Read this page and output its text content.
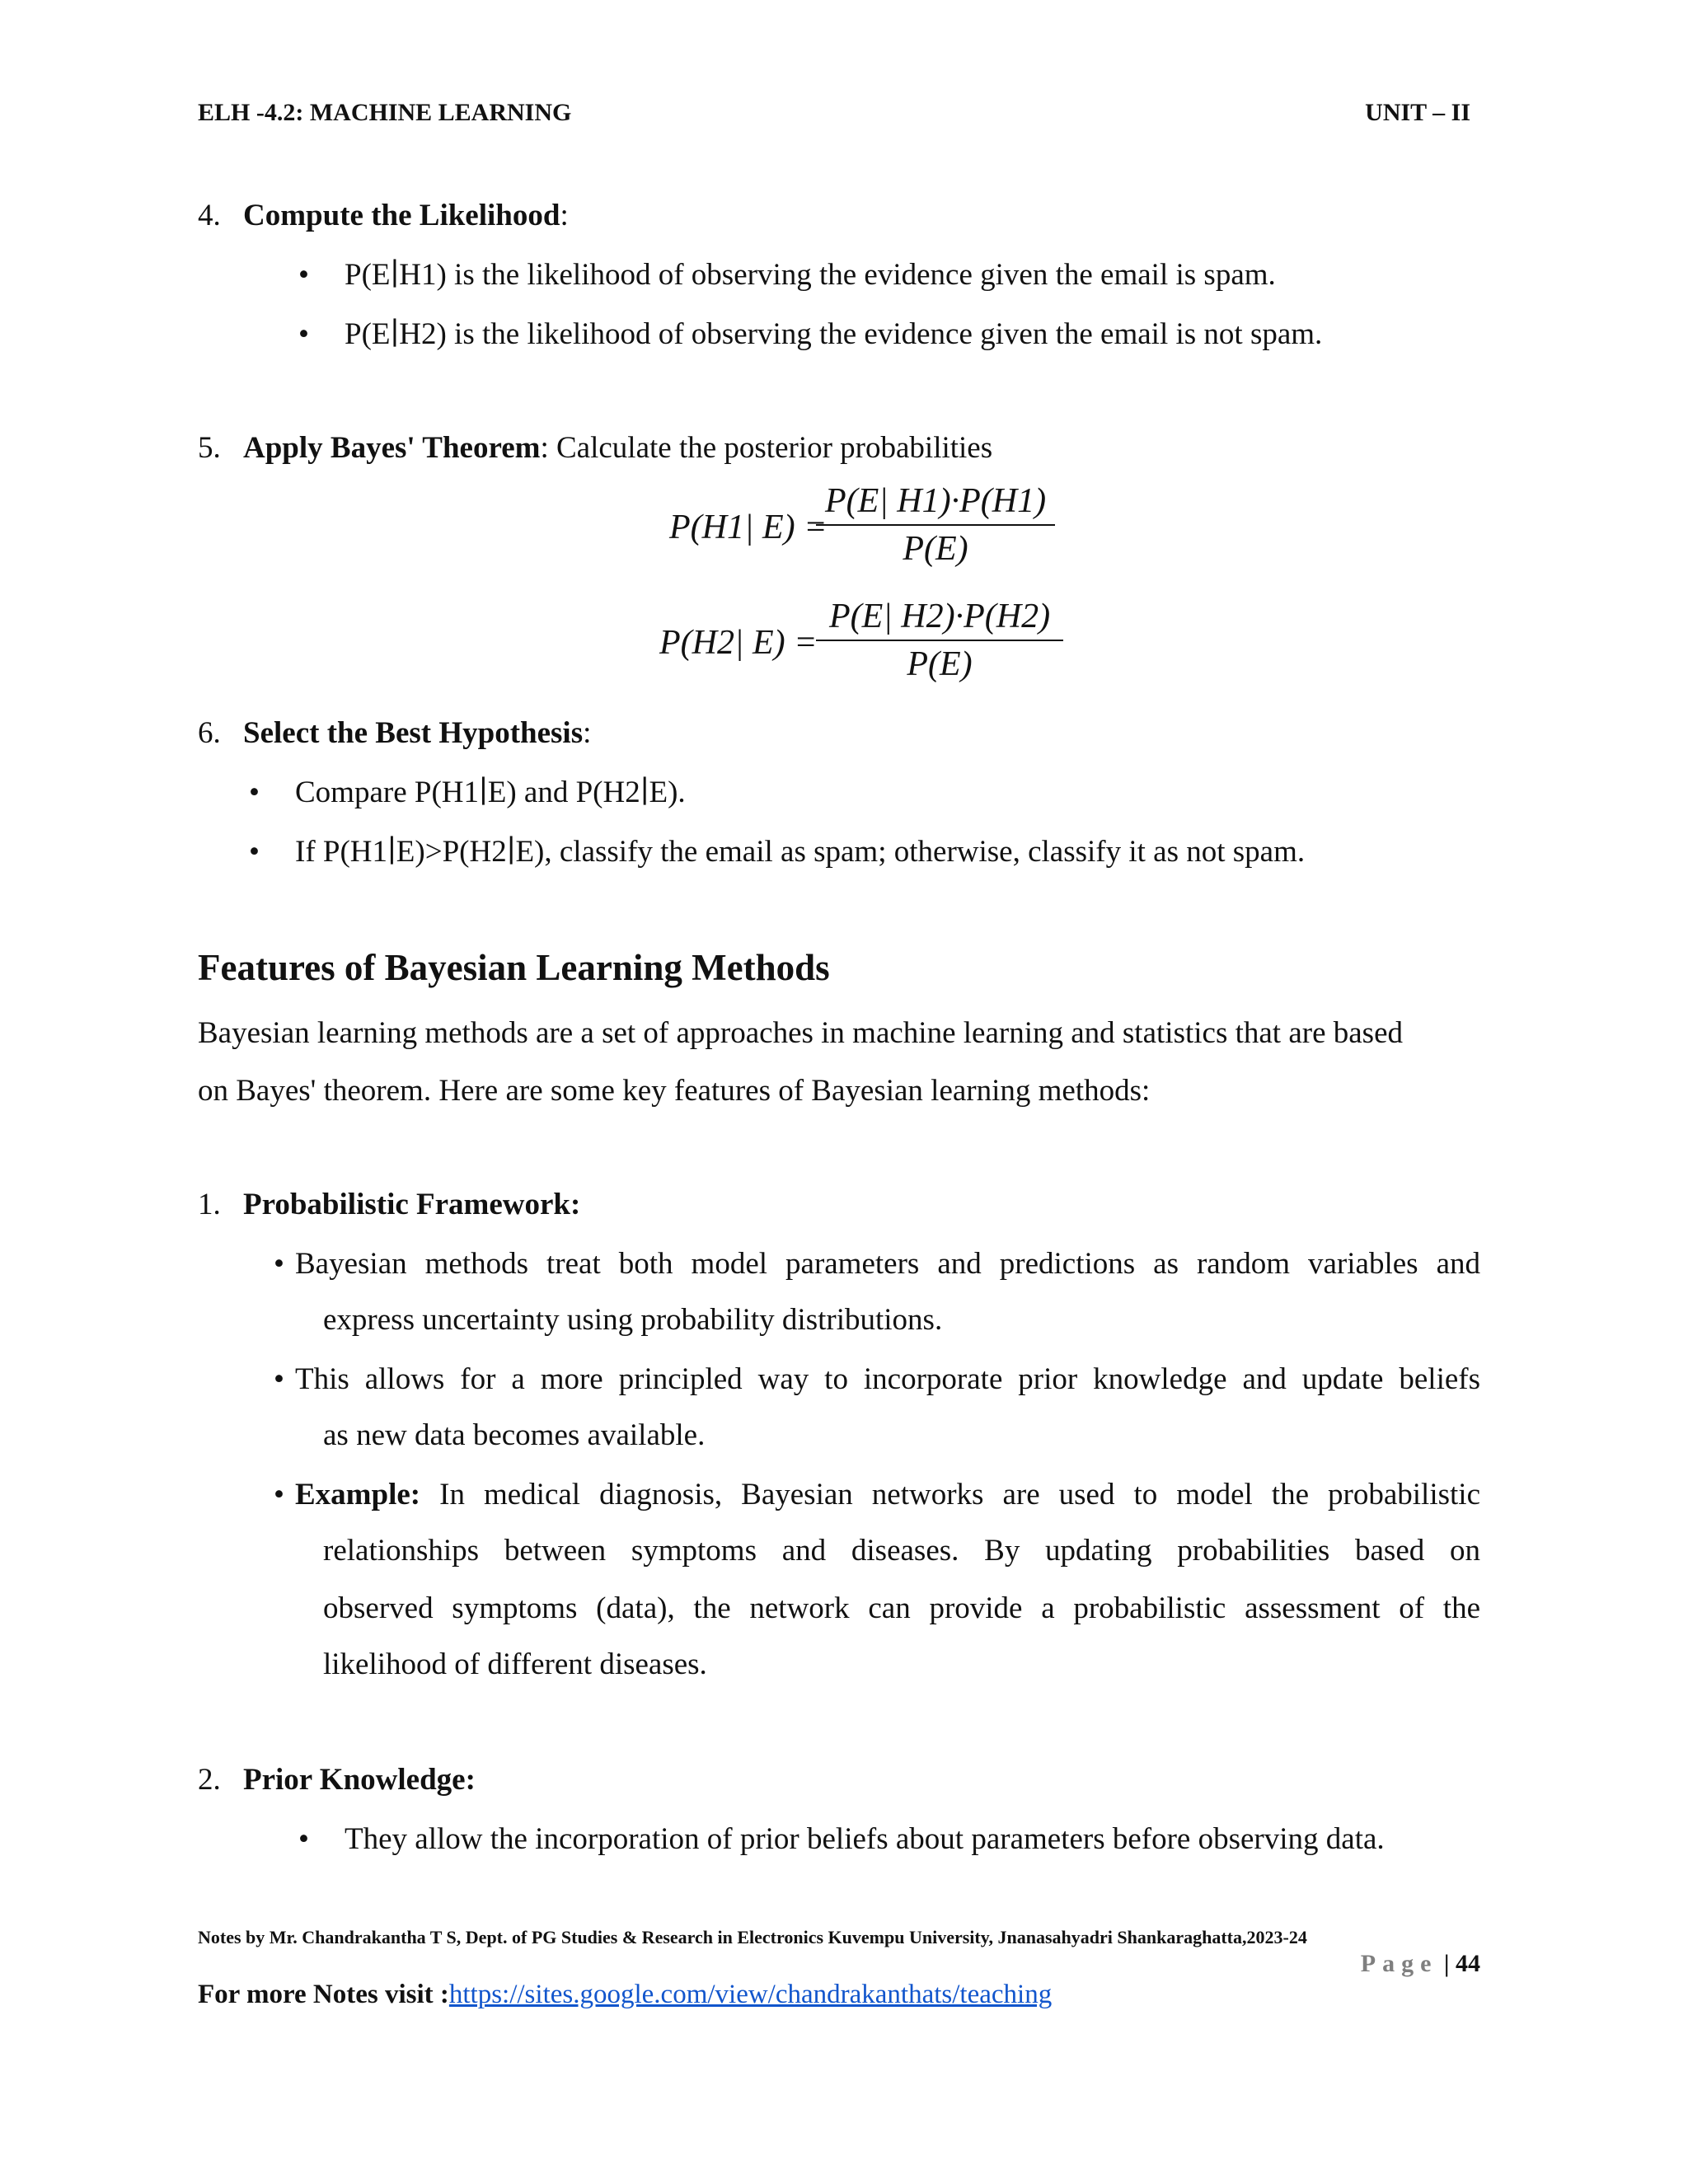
ELH -4.2: MACHINE LEARNING	UNIT – II
4. Compute the Likelihood:
• P(E∣H1) is the likelihood of observing the evidence given the email is spam.
• P(E∣H2) is the likelihood of observing the evidence given the email is not spam.
5. Apply Bayes' Theorem: Calculate the posterior probabilities
P(H1| E) =
$\frac{P(E| H1)\cdot P(H1)}{P(E)}$
P(H2| E) =
$\frac{P(E| H2)\cdot P(H2)}{P(E)}$
6. Select the Best Hypothesis:
• Compare P(H1∣E) and P(H2∣E).
• If P(H1∣E)>P(H2∣E), classify the email as spam; otherwise, classify it as not spam.
Features of Bayesian Learning Methods
Bayesian learning methods are a set of approaches in machine learning and statistics that are based
on Bayes' theorem. Here are some key features of Bayesian learning methods:
1. Probabilistic Framework:
• Bayesian methods treat both model parameters and predictions as random variables and
express uncertainty using probability distributions.
• This allows for a more principled way to incorporate prior knowledge and update beliefs
as new data becomes available.
• Example: In medical diagnosis, Bayesian networks are used to model the probabilistic
relationships between symptoms and diseases. By updating probabilities based on
observed symptoms (data), the network can provide a probabilistic assessment of the
likelihood of different diseases.
2. Prior Knowledge:
• They allow the incorporation of prior beliefs about parameters before observing data.
Notes by Mr. Chandrakantha T S, Dept. of PG Studies & Research in Electronics Kuvempu University, Jnanasahyadri Shankaraghatta,2023-24
Page | 44
For more Notes visit :https://sites.google.com/view/chandrakanthats/teaching
